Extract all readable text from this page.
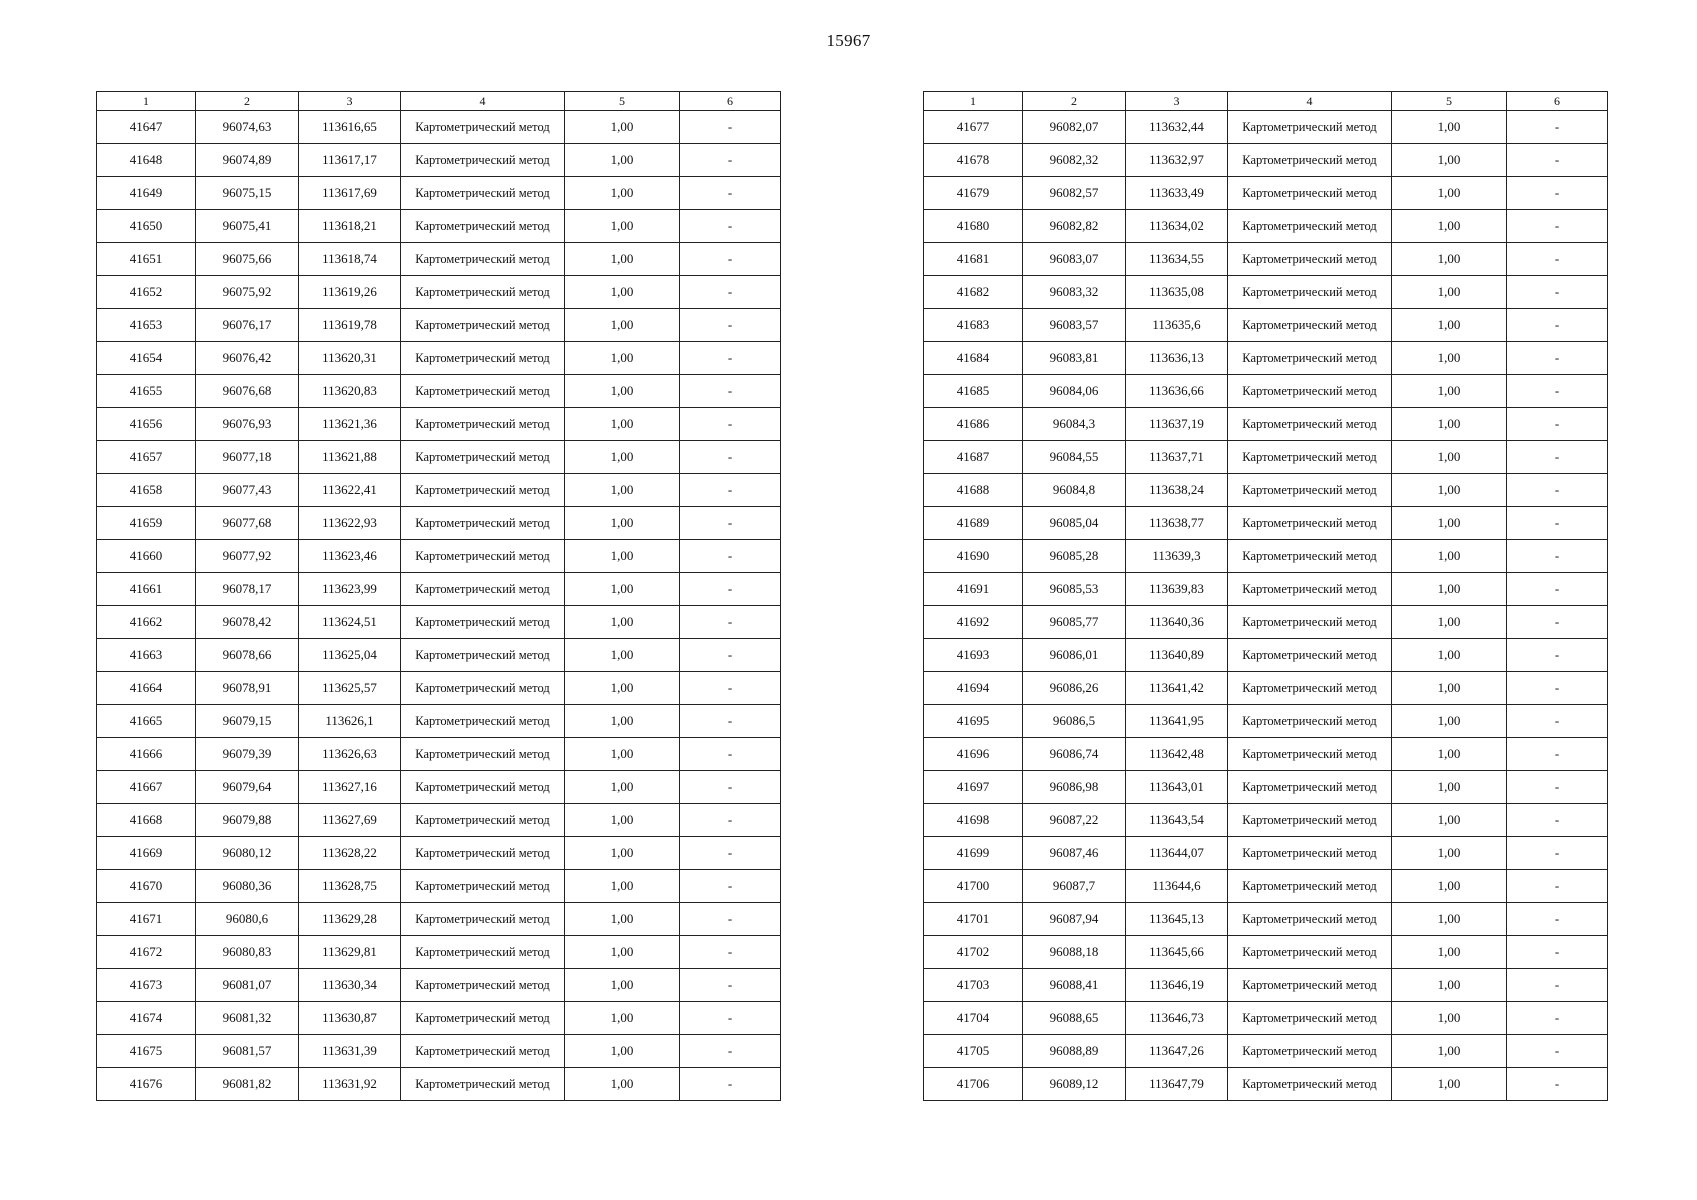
15967
1	2	3	4	5	6
41647	96074,63	113616,65	Картометрический метод	1,00	-
41648	96074,89	113617,17	Картометрический метод	1,00	-
41649	96075,15	113617,69	Картометрический метод	1,00	-
41650	96075,41	113618,21	Картометрический метод	1,00	-
41651	96075,66	113618,74	Картометрический метод	1,00	-
41652	96075,92	113619,26	Картометрический метод	1,00	-
41653	96076,17	113619,78	Картометрический метод	1,00	-
41654	96076,42	113620,31	Картометрический метод	1,00	-
41655	96076,68	113620,83	Картометрический метод	1,00	-
41656	96076,93	113621,36	Картометрический метод	1,00	-
41657	96077,18	113621,88	Картометрический метод	1,00	-
41658	96077,43	113622,41	Картометрический метод	1,00	-
41659	96077,68	113622,93	Картометрический метод	1,00	-
41660	96077,92	113623,46	Картометрический метод	1,00	-
41661	96078,17	113623,99	Картометрический метод	1,00	-
41662	96078,42	113624,51	Картометрический метод	1,00	-
41663	96078,66	113625,04	Картометрический метод	1,00	-
41664	96078,91	113625,57	Картометрический метод	1,00	-
41665	96079,15	113626,1	Картометрический метод	1,00	-
41666	96079,39	113626,63	Картометрический метод	1,00	-
41667	96079,64	113627,16	Картометрический метод	1,00	-
41668	96079,88	113627,69	Картометрический метод	1,00	-
41669	96080,12	113628,22	Картометрический метод	1,00	-
41670	96080,36	113628,75	Картометрический метод	1,00	-
41671	96080,6	113629,28	Картометрический метод	1,00	-
41672	96080,83	113629,81	Картометрический метод	1,00	-
41673	96081,07	113630,34	Картометрический метод	1,00	-
41674	96081,32	113630,87	Картометрический метод	1,00	-
41675	96081,57	113631,39	Картометрический метод	1,00	-
41676	96081,82	113631,92	Картометрический метод	1,00	-
1	2	3	4	5	6
41677	96082,07	113632,44	Картометрический метод	1,00	-
41678	96082,32	113632,97	Картометрический метод	1,00	-
41679	96082,57	113633,49	Картометрический метод	1,00	-
41680	96082,82	113634,02	Картометрический метод	1,00	-
41681	96083,07	113634,55	Картометрический метод	1,00	-
41682	96083,32	113635,08	Картометрический метод	1,00	-
41683	96083,57	113635,6	Картометрический метод	1,00	-
41684	96083,81	113636,13	Картометрический метод	1,00	-
41685	96084,06	113636,66	Картометрический метод	1,00	-
41686	96084,3	113637,19	Картометрический метод	1,00	-
41687	96084,55	113637,71	Картометрический метод	1,00	-
41688	96084,8	113638,24	Картометрический метод	1,00	-
41689	96085,04	113638,77	Картометрический метод	1,00	-
41690	96085,28	113639,3	Картометрический метод	1,00	-
41691	96085,53	113639,83	Картометрический метод	1,00	-
41692	96085,77	113640,36	Картометрический метод	1,00	-
41693	96086,01	113640,89	Картометрический метод	1,00	-
41694	96086,26	113641,42	Картометрический метод	1,00	-
41695	96086,5	113641,95	Картометрический метод	1,00	-
41696	96086,74	113642,48	Картометрический метод	1,00	-
41697	96086,98	113643,01	Картометрический метод	1,00	-
41698	96087,22	113643,54	Картометрический метод	1,00	-
41699	96087,46	113644,07	Картометрический метод	1,00	-
41700	96087,7	113644,6	Картометрический метод	1,00	-
41701	96087,94	113645,13	Картометрический метод	1,00	-
41702	96088,18	113645,66	Картометрический метод	1,00	-
41703	96088,41	113646,19	Картометрический метод	1,00	-
41704	96088,65	113646,73	Картометрический метод	1,00	-
41705	96088,89	113647,26	Картометрический метод	1,00	-
41706	96089,12	113647,79	Картометрический метод	1,00	-
